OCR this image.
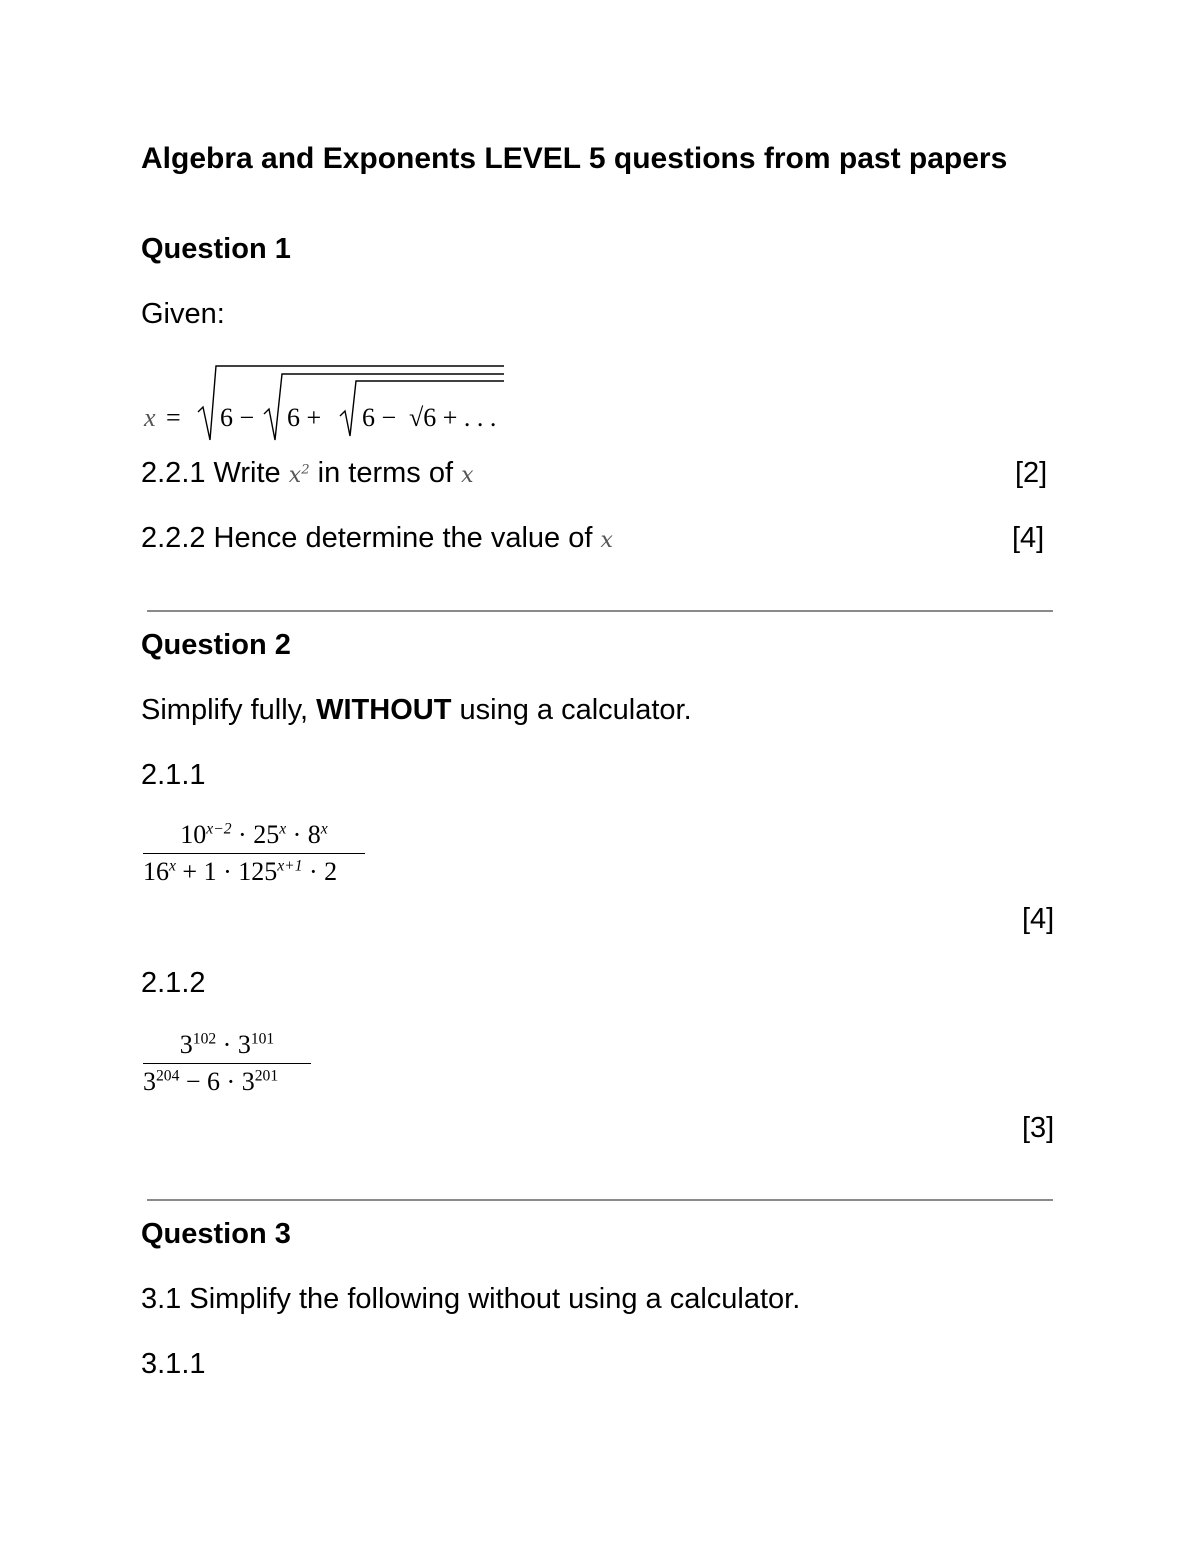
Algebra and Exponents LEVEL 5 questions from past papers
Question 1
Given:
x = 6 − 6 + 6 − √6 + . . .
2.2.1 Write $x^2$ in terms of x	[2]
2.2.2 Hence determine the value of x	[4]
Question 2
Simplify fully, WITHOUT using a calculator.
2.1.1
$10^{x-2} \cdot 25^x \cdot 8^x$
$16^x + 1 \cdot 125^{x+1} \cdot 2$
[4]
2.1.2
$3^{102} \cdot 3^{101}$
$3^{204} - 6 \cdot 3^{201}$
[3]
Question 3
3.1 Simplify the following without using a calculator.
3.1.1
